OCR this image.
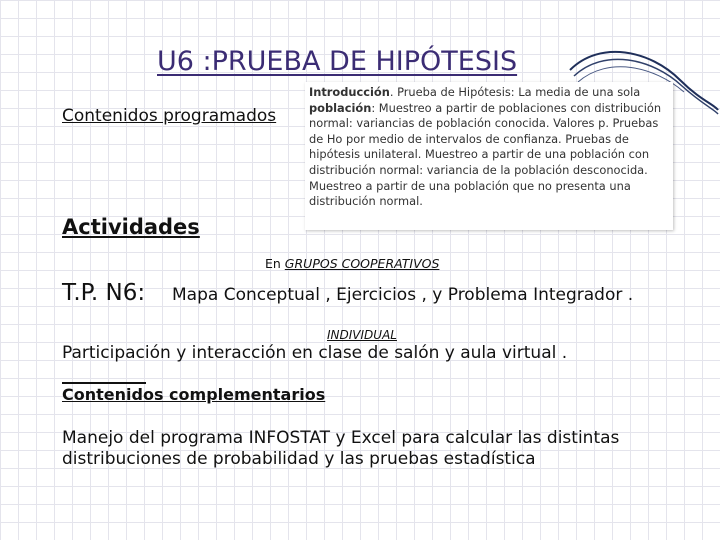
U6 :PRUEBA DE HIPÓTESIS
Contenidos programados
Introducción. Prueba de Hipótesis: La media de una sola población: Muestreo a partir de poblaciones con distribución normal: variancias de población conocida. Valores p. Pruebas de Ho por medio de intervalos de confianza. Pruebas de hipótesis unilateral. Muestreo a partir de una población con distribución normal: variancia de la población desconocida. Muestreo a partir de una población que no presenta una distribución normal.
Actividades
En GRUPOS COOPERATIVOS
T.P. N6: Mapa Conceptual , Ejercicios , y Problema Integrador .
INDIVIDUAL
Participación y interacción en clase de salón y aula virtual .
Contenidos complementarios
Manejo del programa INFOSTAT y Excel para calcular las distintas distribuciones de probabilidad y las pruebas estadística
